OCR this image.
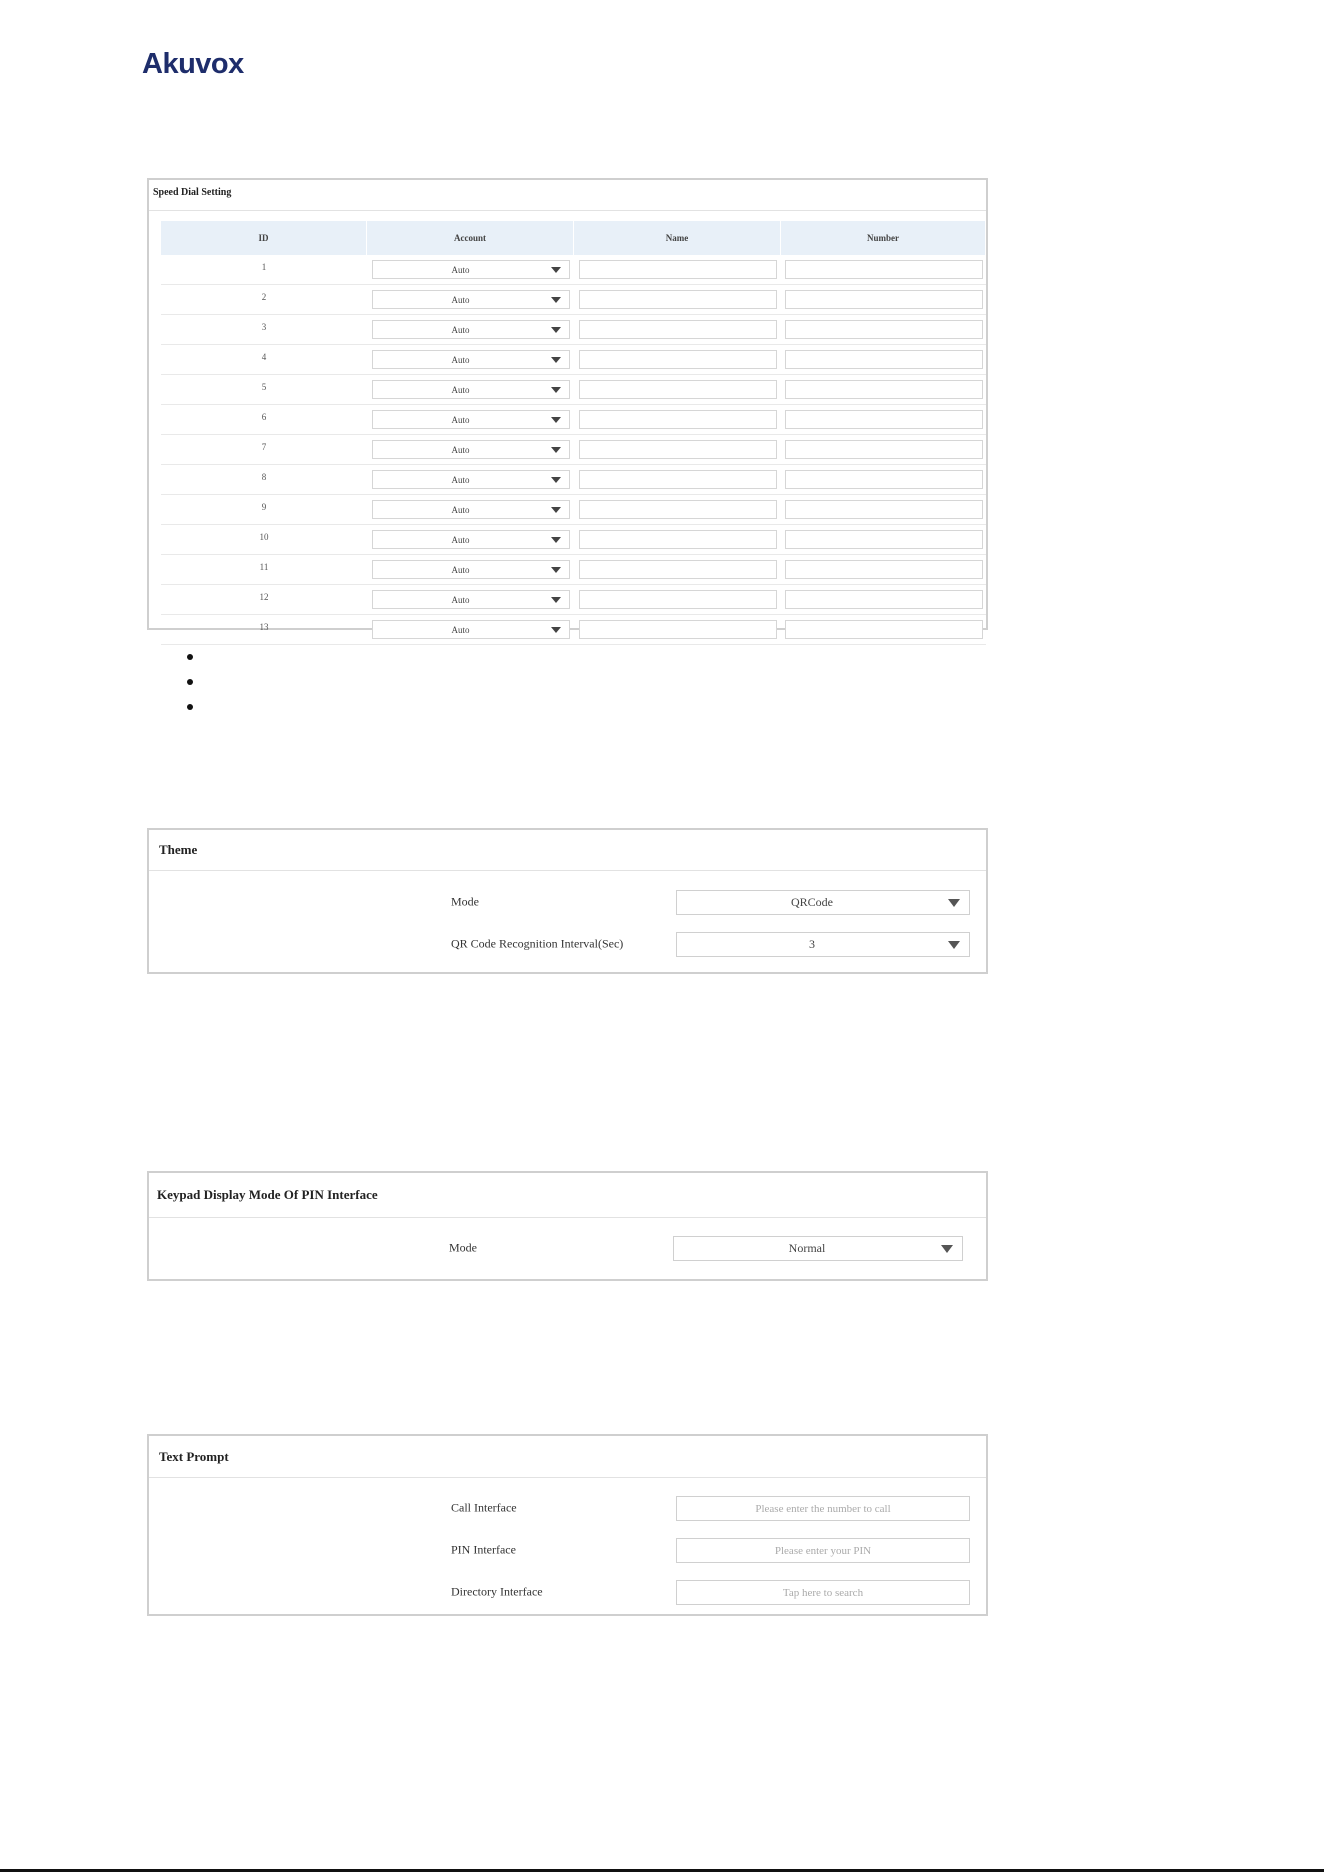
Akuvox
Speed Dial Setting
ID	Account	Name	Number
1	Auto
2	Auto
3	Auto
4	Auto
5	Auto
6	Auto
7	Auto
8	Auto
9	Auto
10	Auto
11	Auto
12	Auto
13	Auto
Theme
Mode	QRCode
QR Code Recognition Interval(Sec)	3
Keypad Display Mode Of PIN Interface
Mode	Normal
Text Prompt
Call Interface	Please enter the number to call
PIN Interface	Please enter your PIN
Directory Interface	Tap here to search
